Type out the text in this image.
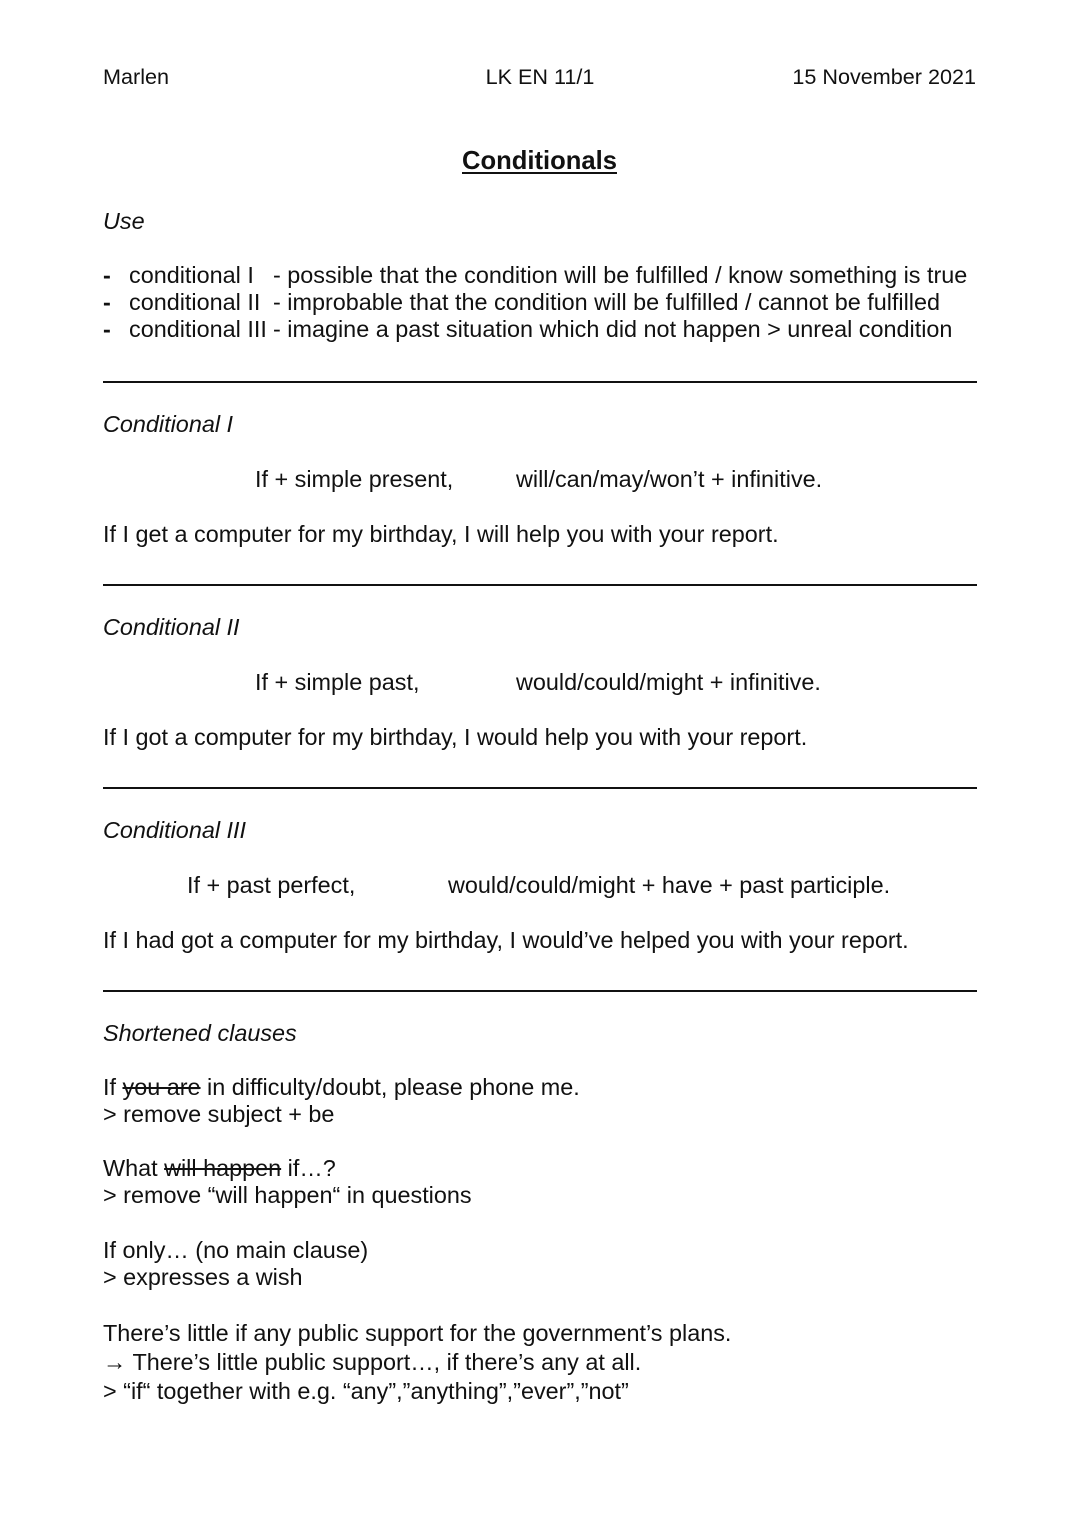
Marlen	LK EN 11/1	15 November 2021
Conditionals
Use
- conditional I - possible that the condition will be fulfilled / know something is true
- conditional II - improbable that the condition will be fulfilled / cannot be fulfilled
- conditional III - imagine a past situation which did not happen > unreal condition
Conditional I
If + simple present,	will/can/may/won’t + infinitive.
If I get a computer for my birthday, I will help you with your report.
Conditional II
If + simple past,	would/could/might + infinitive.
If I got a computer for my birthday, I would help you with your report.
Conditional III
If + past perfect,	would/could/might + have + past participle.
If I had got a computer for my birthday, I would’ve helped you with your report.
Shortened clauses
If you are in difficulty/doubt, please phone me.
> remove subject + be
What will happen if…?
> remove “will happen“ in questions
If only… (no main clause)
> expresses a wish
There’s little if any public support for the government’s plans.
→ There’s little public support…, if there’s any at all.
> “if“ together with e.g. “any”,”anything”,”ever”,”not”
